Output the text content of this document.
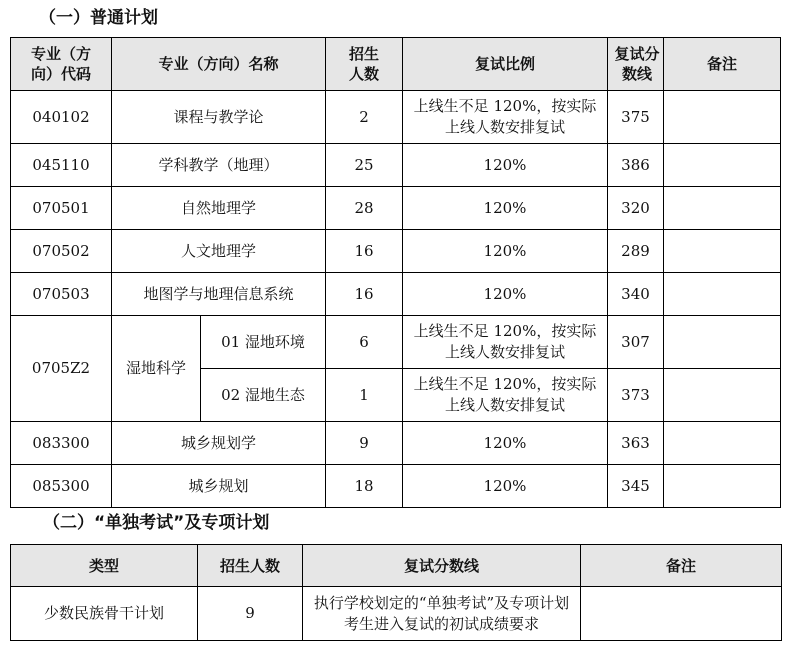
（一）普通计划
专业（方向）代码	专业（方向）名称		招生人数	复试比例	复试分数线	备注
040102	课程与教学论		2	上线生不足 120%，按实际上线人数安排复试	375	
045110	学科教学（地理）		25	120%	386	
070501	自然地理学		28	120%	320	
070502	人文地理学		16	120%	289	
070503	地图学与地理信息系统		16	120%	340	
0705Z2	湿地科学	01 湿地环境	6	上线生不足 120%，按实际上线人数安排复试	307	
		02 湿地生态	1	上线生不足 120%，按实际上线人数安排复试	373	
083300	城乡规划学		9	120%	363	
085300	城乡规划		18	120%	345	
（二）“单独考试”及专项计划
类型	招生人数	复试分数线	备注
少数民族骨干计划	9	执行学校划定的“单独考试”及专项计划考生进入复试的初试成绩要求	
